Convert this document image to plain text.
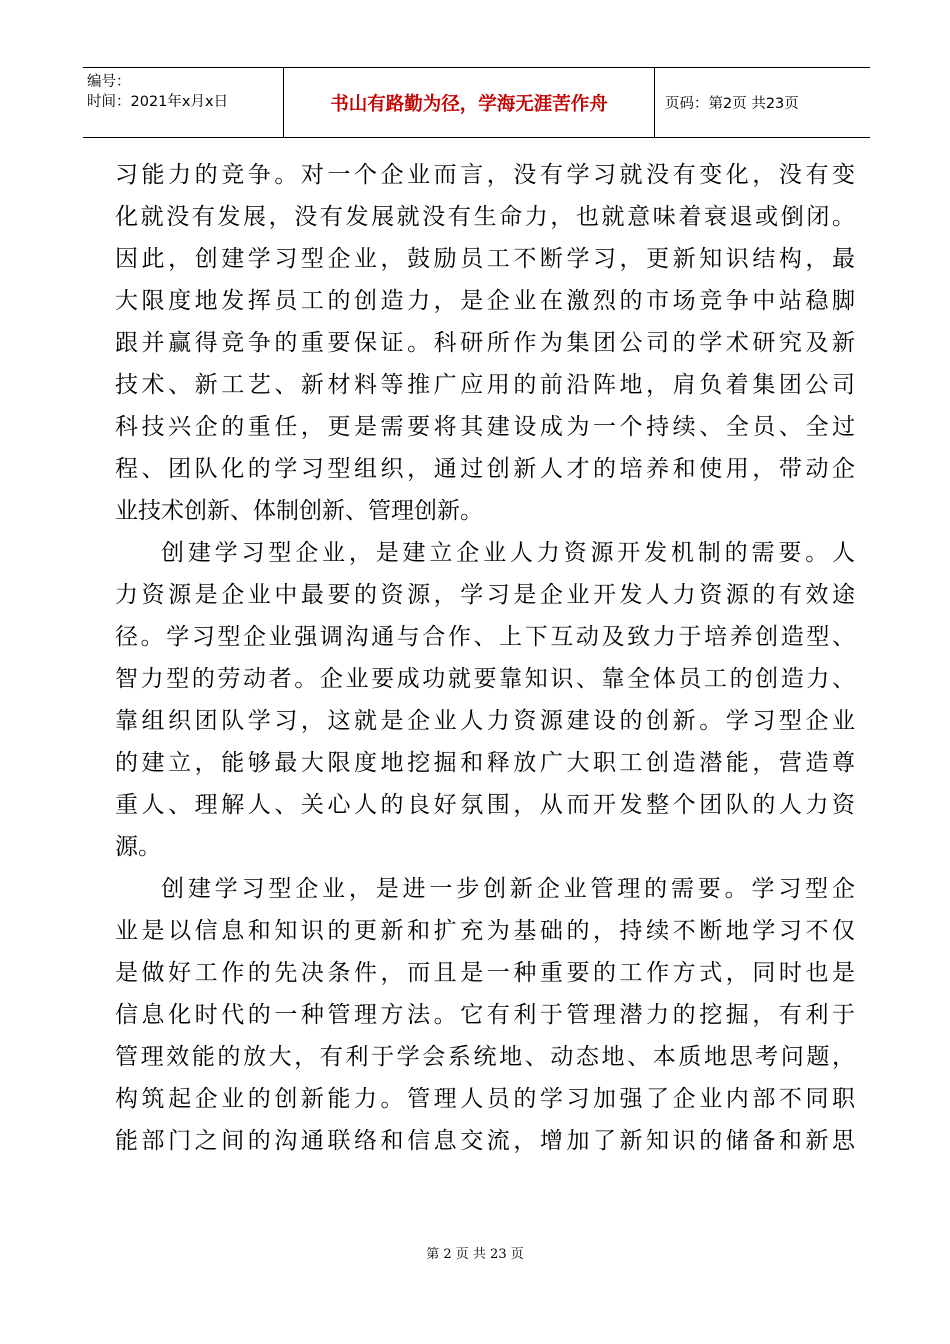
编号：
时间：2021年x月x日	书山有路勤为径，学海无涯苦作舟	页码：第2页 共23页
习能力的竞争。对一个企业而言，没有学习就没有变化，没有变
化就没有发展，没有发展就没有生命力，也就意味着衰退或倒闭。
因此，创建学习型企业，鼓励员工不断学习，更新知识结构，最
大限度地发挥员工的创造力，是企业在激烈的市场竞争中站稳脚
跟并赢得竞争的重要保证。科研所作为集团公司的学术研究及新
技术、新工艺、新材料等推广应用的前沿阵地，肩负着集团公司
科技兴企的重任，更是需要将其建设成为一个持续、全员、全过
程、团队化的学习型组织，通过创新人才的培养和使用，带动企
业技术创新、体制创新、管理创新。
创建学习型企业，是建立企业人力资源开发机制的需要。人
力资源是企业中最要的资源，学习是企业开发人力资源的有效途
径。学习型企业强调沟通与合作、上下互动及致力于培养创造型、
智力型的劳动者。企业要成功就要靠知识、靠全体员工的创造力、
靠组织团队学习，这就是企业人力资源建设的创新。学习型企业
的建立，能够最大限度地挖掘和释放广大职工创造潜能，营造尊
重人、理解人、关心人的良好氛围，从而开发整个团队的人力资
源。
创建学习型企业，是进一步创新企业管理的需要。学习型企
业是以信息和知识的更新和扩充为基础的，持续不断地学习不仅
是做好工作的先决条件，而且是一种重要的工作方式，同时也是
信息化时代的一种管理方法。它有利于管理潜力的挖掘，有利于
管理效能的放大，有利于学会系统地、动态地、本质地思考问题，
构筑起企业的创新能力。管理人员的学习加强了企业内部不同职
能部门之间的沟通联络和信息交流，增加了新知识的储备和新思
第 2 页 共 23 页
